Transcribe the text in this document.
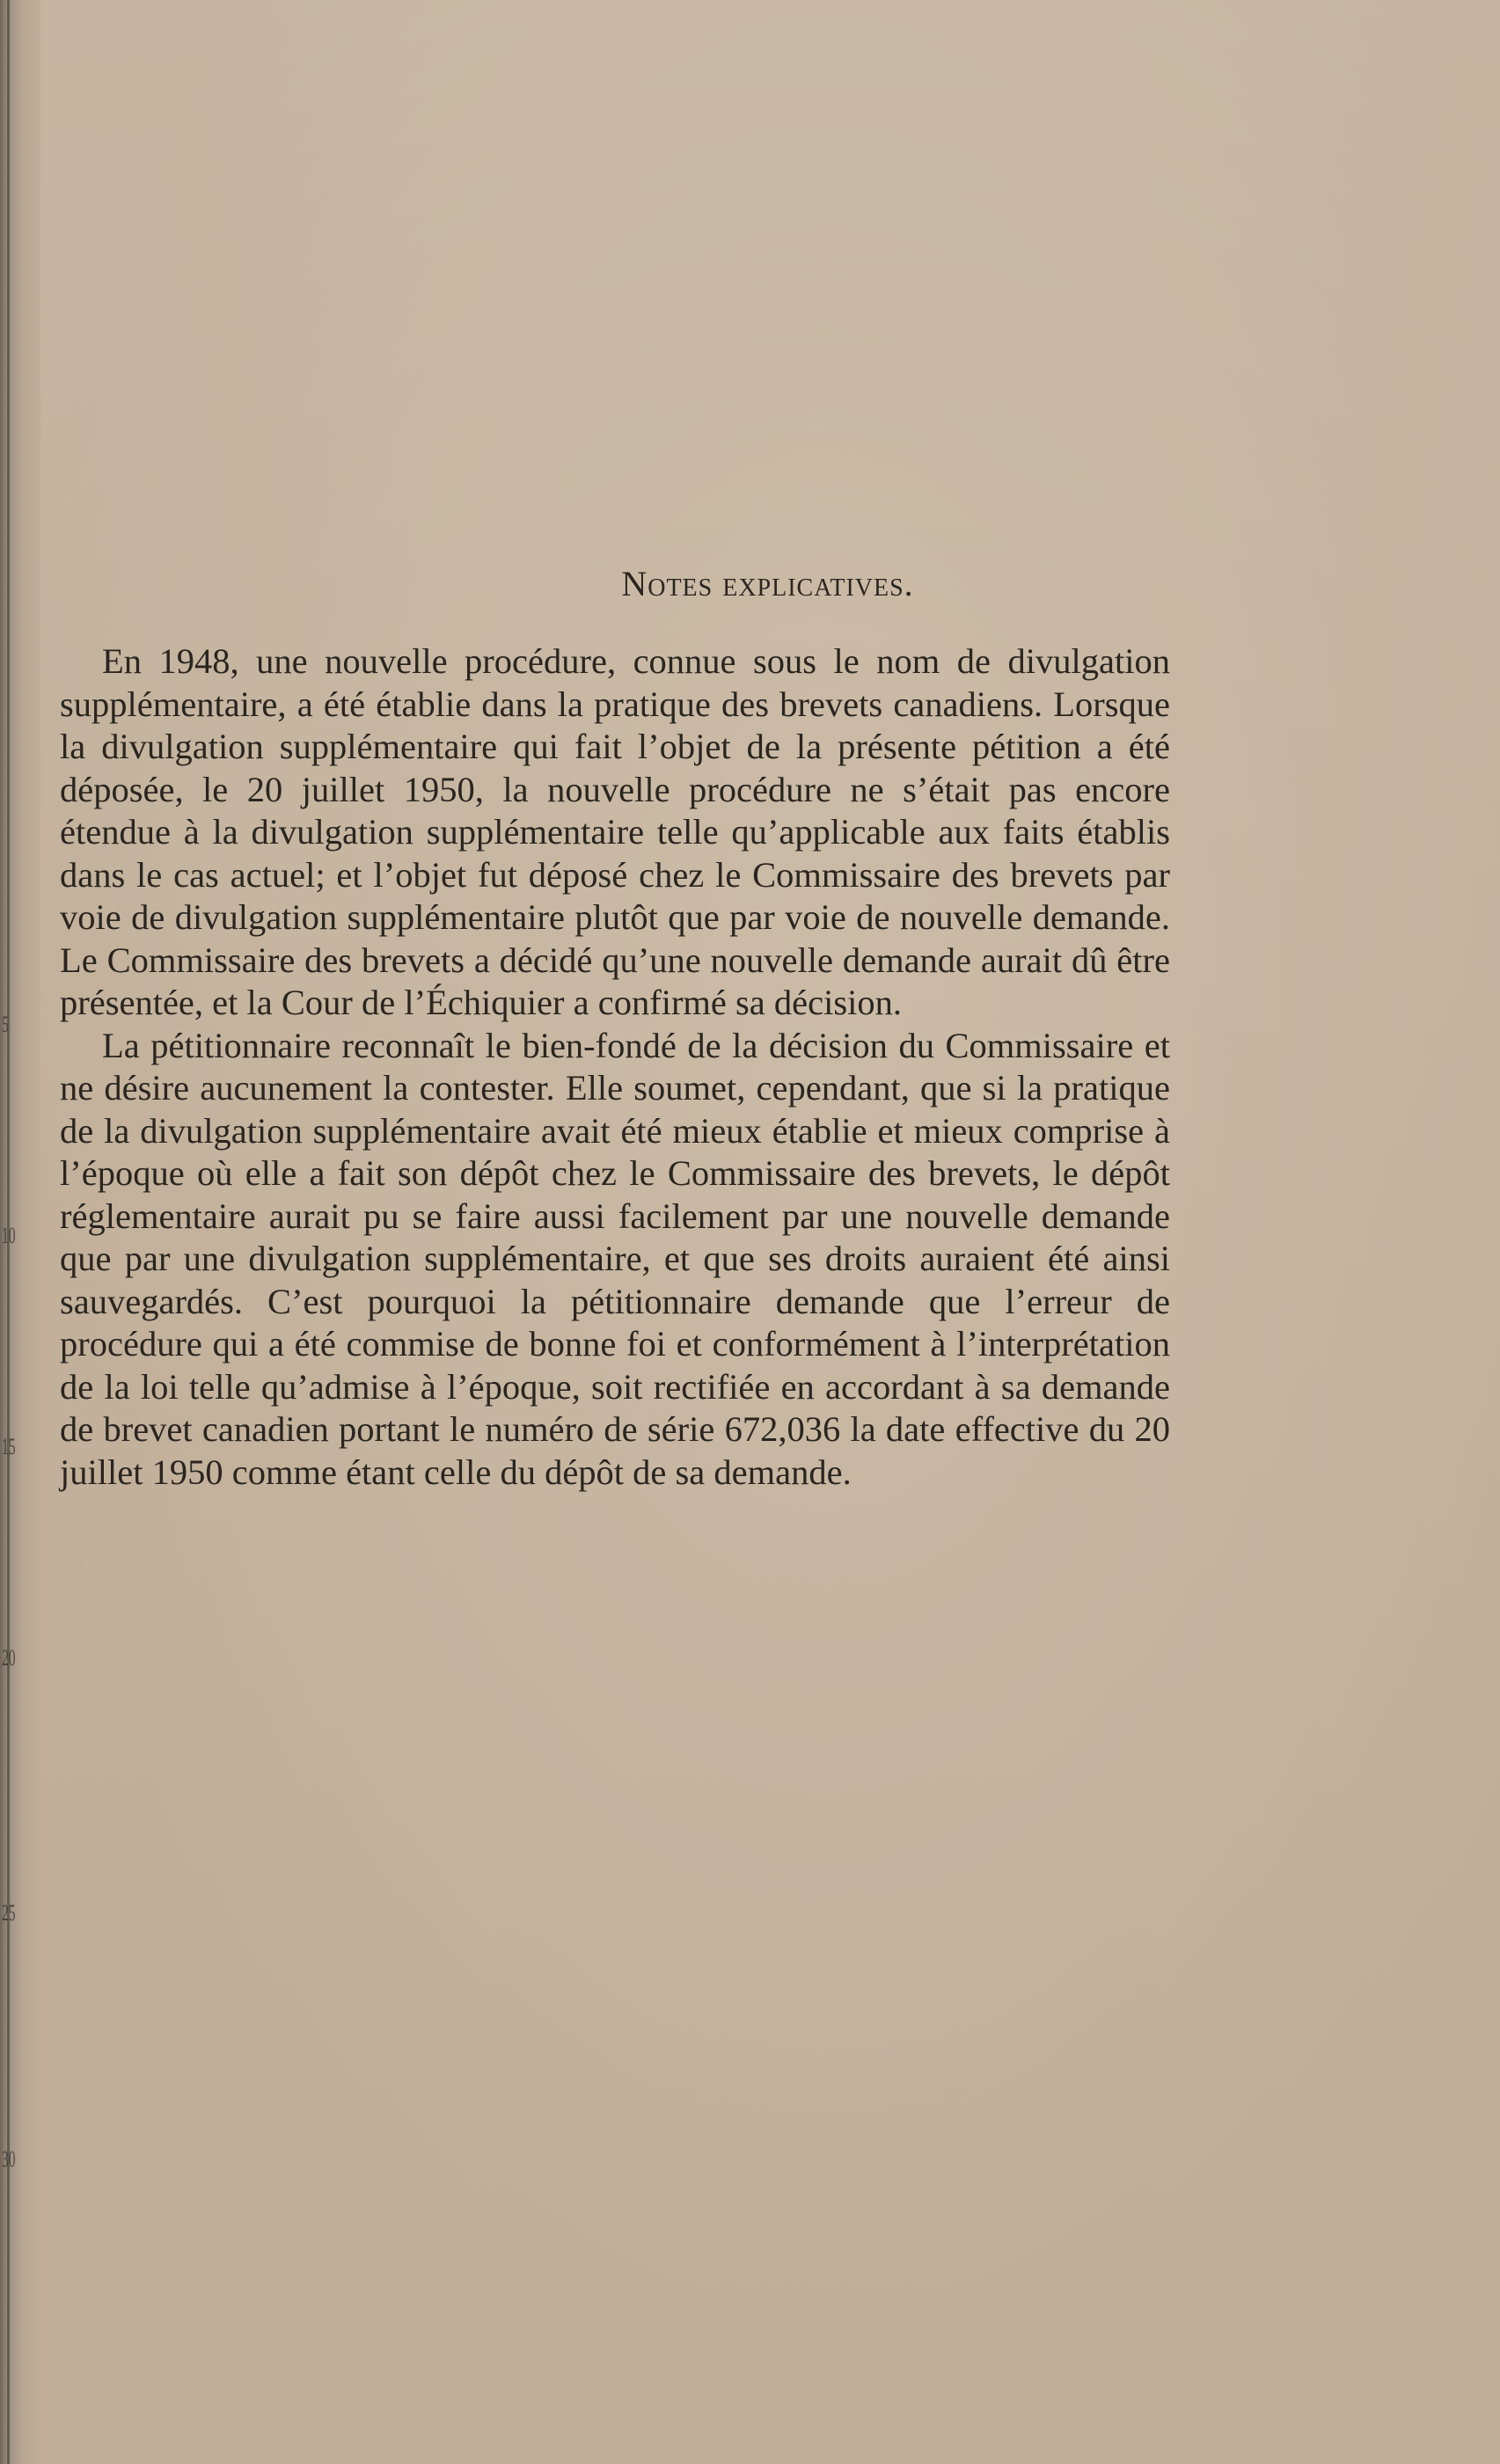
5
10
15
20
25
30
Notes explicatives.

En 1948, une nouvelle procédure, connue sous le nom de divulgation supplémentaire, a été établie dans la pratique des brevets canadiens. Lorsque la divulgation supplémentaire qui fait l’objet de la présente pétition a été déposée, le 20 juillet 1950, la nouvelle procédure ne s’était pas encore étendue à la divulgation supplémentaire telle qu’applicable aux faits établis dans le cas actuel; et l’objet fut déposé chez le Commissaire des brevets par voie de divulgation supplémentaire plutôt que par voie de nouvelle demande. Le Commissaire des brevets a décidé qu’une nouvelle demande aurait dû être présentée, et la Cour de l’Échiquier a confirmé sa décision.

La pétitionnaire reconnaît le bien-fondé de la décision du Commissaire et ne désire aucunement la contester. Elle soumet, cependant, que si la pratique de la divulgation supplémentaire avait été mieux établie et mieux comprise à l’époque où elle a fait son dépôt chez le Commissaire des brevets, le dépôt réglementaire aurait pu se faire aussi facilement par une nouvelle demande que par une divulgation supplémentaire, et que ses droits auraient été ainsi sauvegardés. C’est pourquoi la pétitionnaire demande que l’erreur de procédure qui a été commise de bonne foi et conformément à l’interprétation de la loi telle qu’admise à l’époque, soit rectifiée en accordant à sa demande de brevet canadien portant le numéro de série 672,036 la date effective du 20 juillet 1950 comme étant celle du dépôt de sa demande.
